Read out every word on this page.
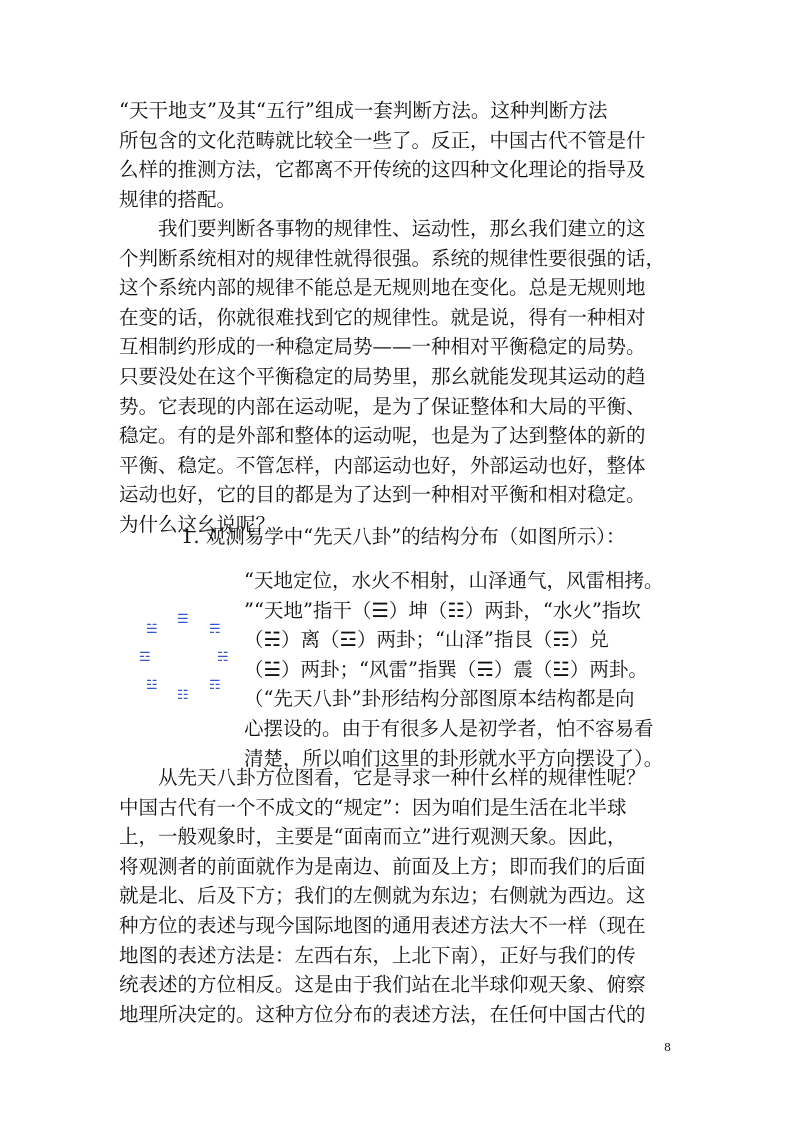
“天干地支”及其“五行”组成一套判断方法。这种判断方法
所包含的文化范畴就比较全一些了。反正，中国古代不管是什
么样的推测方法，它都离不开传统的这四种文化理论的指导及
规律的搭配。
　　我们要判断各事物的规律性、运动性，那幺我们建立的这
个判断系统相对的规律性就得很强。系统的规律性要很强的话，
这个系统内部的规律不能总是无规则地在变化。总是无规则地
在变的话，你就很难找到它的规律性。就是说，得有一种相对
互相制约形成的一种稳定局势——一种相对平衡稳定的局势。
只要没处在这个平衡稳定的局势里，那幺就能发现其运动的趋
势。它表现的内部在运动呢，是为了保证整体和大局的平衡、
稳定。有的是外部和整体的运动呢，也是为了达到整体的新的
平衡、稳定。不管怎样，内部运动也好，外部运动也好，整体
运动也好，它的目的都是为了达到一种相对平衡和相对稳定。
为什么这幺说呢？
1. 观测易学中“先天八卦”的结构分布（如图所示）：
☰
☱	☴
☲	☵
☳	☶
☷
“天地定位，水火不相射，山泽通气，风雷相拷。
”“天地”指干（☰）坤（☷）两卦，“水火”指坎
（☵）离（☲）两卦；“山泽”指艮（☶）兑
（☱）两卦；“风雷”指巽（☴）震（☳）两卦。
（“先天八卦”卦形结构分部图原本结构都是向
心摆设的。由于有很多人是初学者，怕不容易看
清楚，所以咱们这里的卦形就水平方向摆设了）。
　　从先天八卦方位图看，它是寻求一种什幺样的规律性呢？
中国古代有一个不成文的“规定”：因为咱们是生活在北半球
上，一般观象时，主要是“面南而立”进行观测天象。因此，
将观测者的前面就作为是南边、前面及上方；即而我们的后面
就是北、后及下方；我们的左侧就为东边；右侧就为西边。这
种方位的表述与现今国际地图的通用表述方法大不一样（现在
地图的表述方法是：左西右东，上北下南），正好与我们的传
统表述的方位相反。这是由于我们站在北半球仰观天象、俯察
地理所决定的。这种方位分布的表述方法，在任何中国古代的
8
